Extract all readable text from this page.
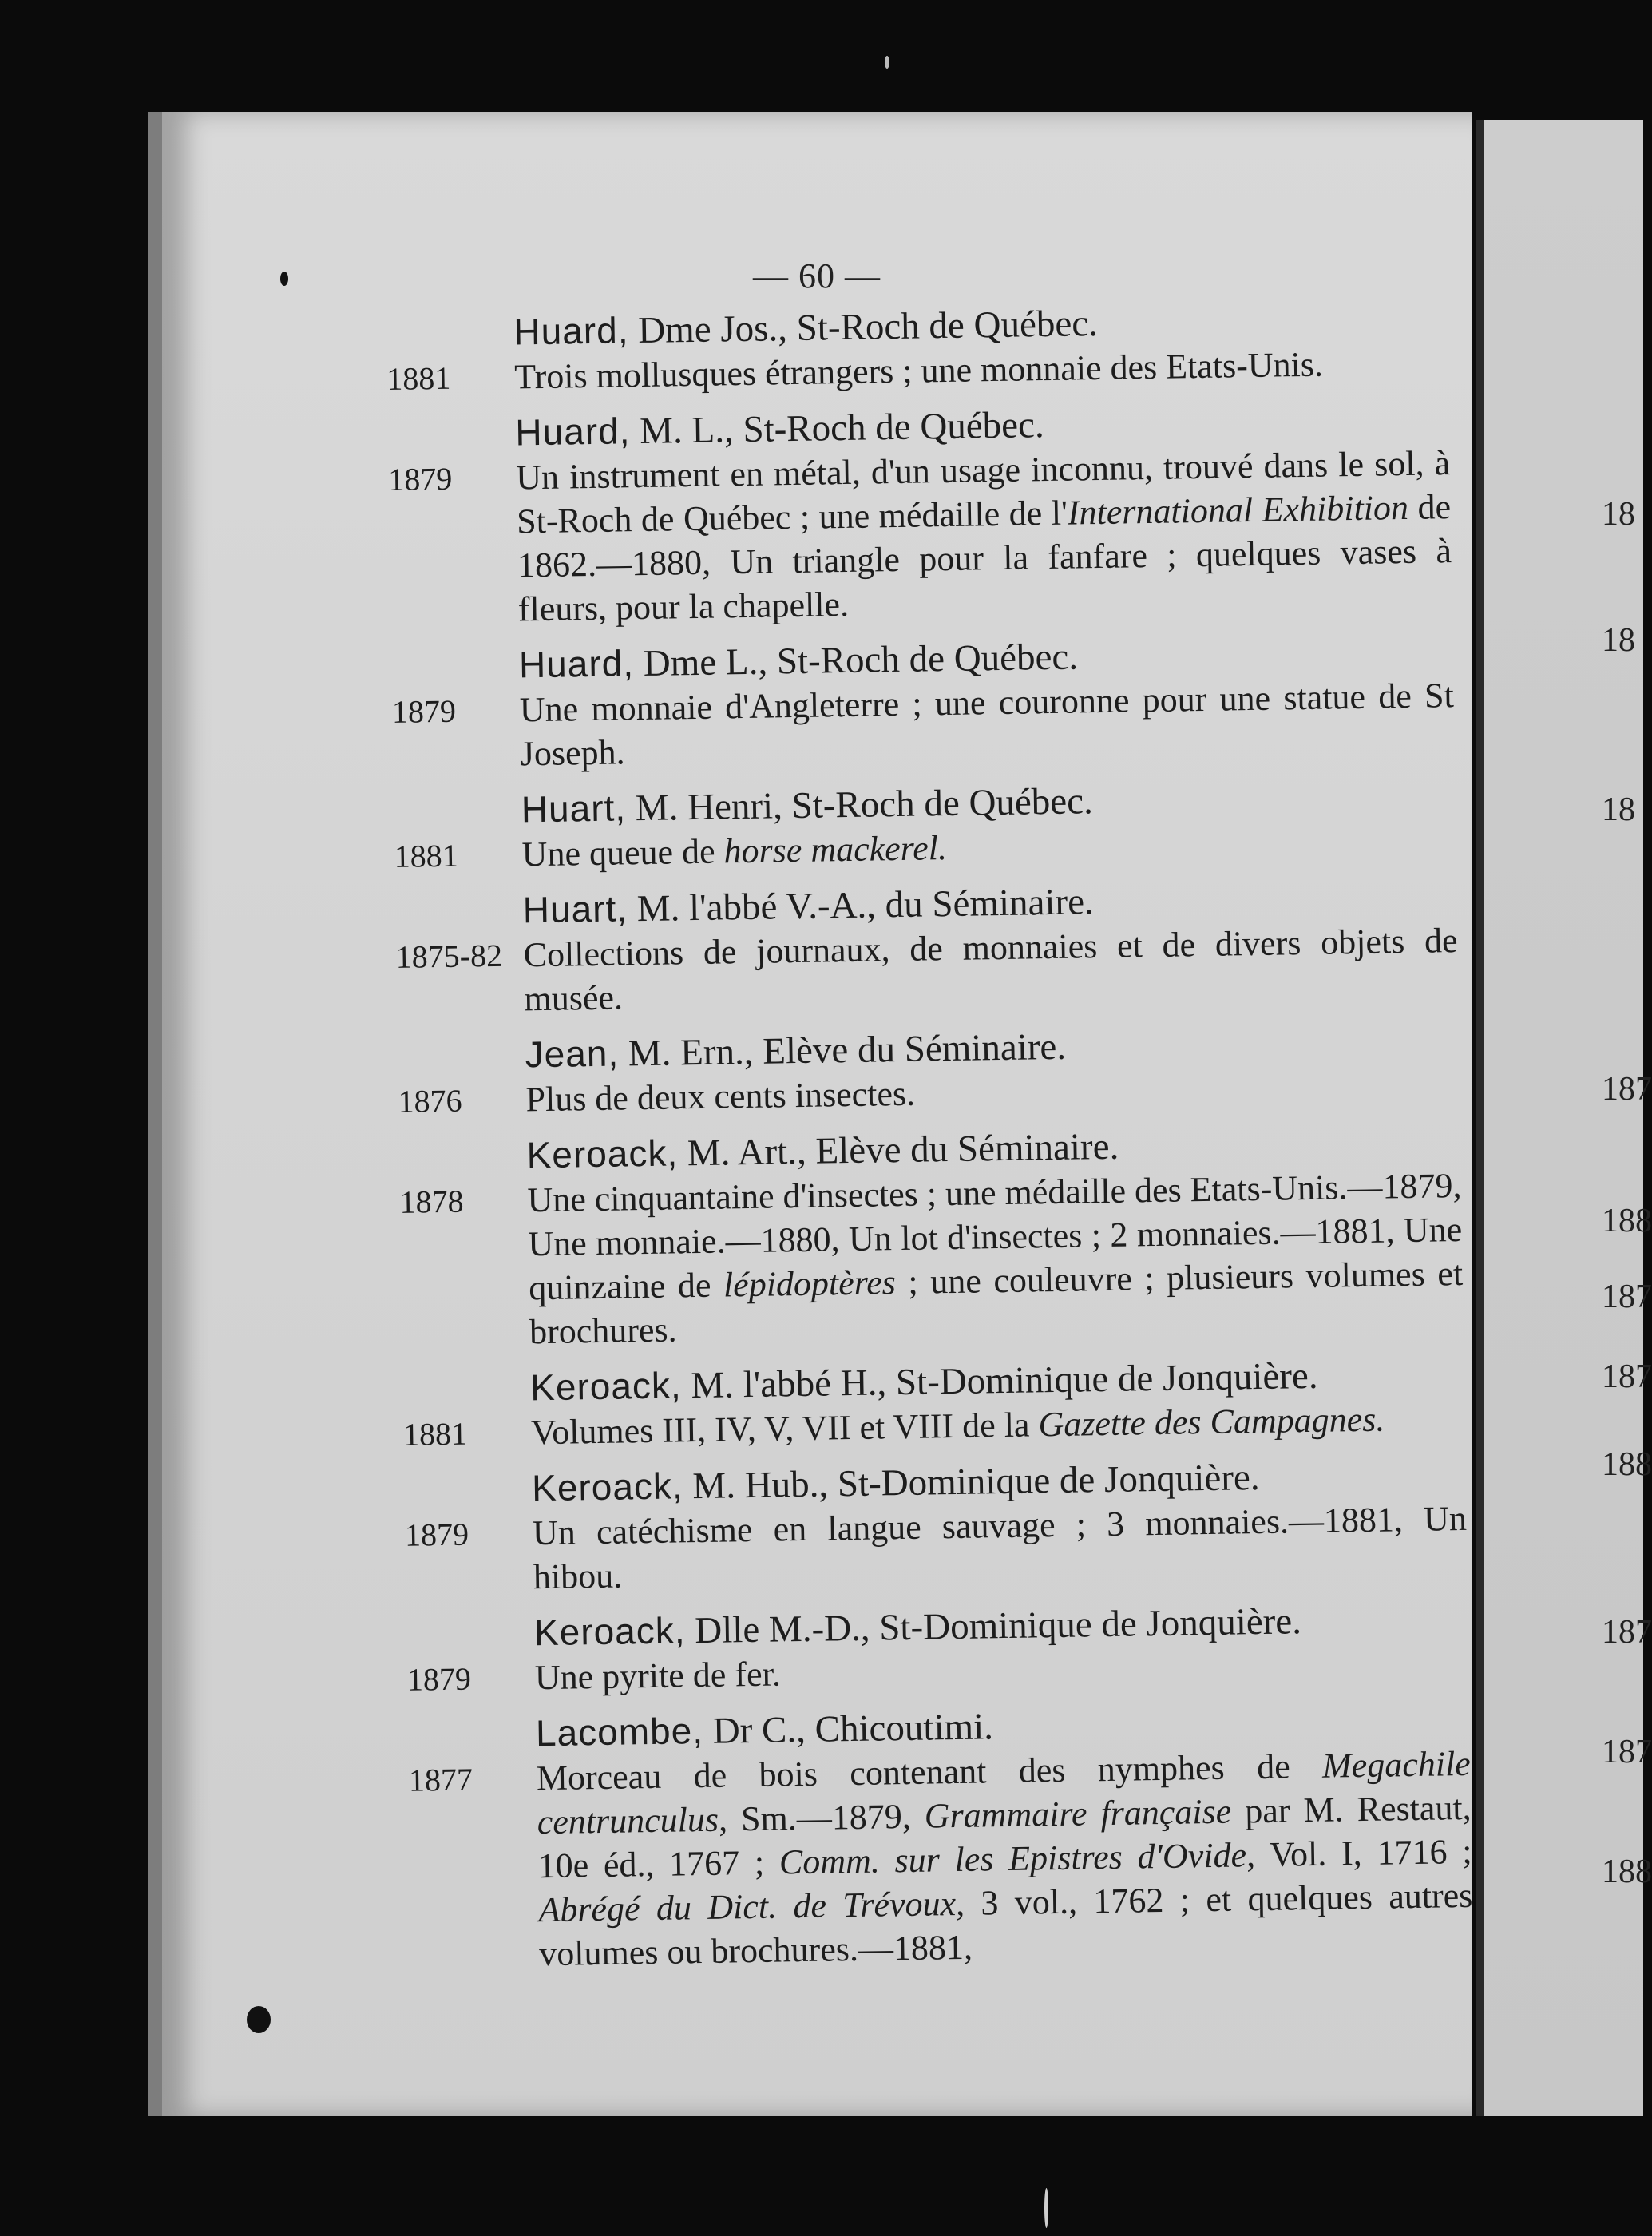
— 60 —
Huard, Dme Jos., St-Roch de Québec.
1881	Trois mollusques étrangers ; une monnaie des Etats-Unis.
Huard, M. L., St-Roch de Québec.
1879	Un instrument en métal, d'un usage inconnu, trouvé dans le sol, à St-Roch de Québec ; une médaille de l'International Exhibition de 1862.—1880, Un triangle pour la fanfare ; quelques vases à fleurs, pour la chapelle.
Huard, Dme L., St-Roch de Québec.
1879	Une monnaie d'Angleterre ; une couronne pour une statue de St Joseph.
Huart, M. Henri, St-Roch de Québec.
1881	Une queue de horse mackerel.
Huart, M. l'abbé V.-A., du Séminaire.
1875-82 Collections de journaux, de monnaies et de divers objets de musée.
Jean, M. Ern., Elève du Séminaire.
1876	Plus de deux cents insectes.
Keroack, M. Art., Elève du Séminaire.
1878	Une cinquantaine d'insectes ; une médaille des Etats-Unis.—1879, Une monnaie.—1880, Un lot d'insectes ; 2 monnaies.—1881, Une quinzaine de lépidoptères ; une couleuvre ; plusieurs volumes et brochures.
Keroack, M. l'abbé H., St-Dominique de Jonquière.
1881	Volumes III, IV, V, VII et VIII de la Gazette des Campagnes.
Keroack, M. Hub., St-Dominique de Jonquière.
1879	Un catéchisme en langue sauvage ; 3 monnaies.—1881, Un hibou.
Keroack, Dlle M.-D., St-Dominique de Jonquière.
1879	Une pyrite de fer.
Lacombe, Dr C., Chicoutimi.
1877	Morceau de bois contenant des nymphes de Megachile centrunculus, Sm.—1879, Grammaire française par M. Restaut, 10e éd., 1767 ; Comm. sur les Epistres d'Ovide, Vol. I, 1716 ; Abrégé du Dict. de Trévoux, 3 vol., 1762 ; et quelques autres volumes ou brochures.—1881,
18
18
18
187
188
187
187
188
187
187
188
